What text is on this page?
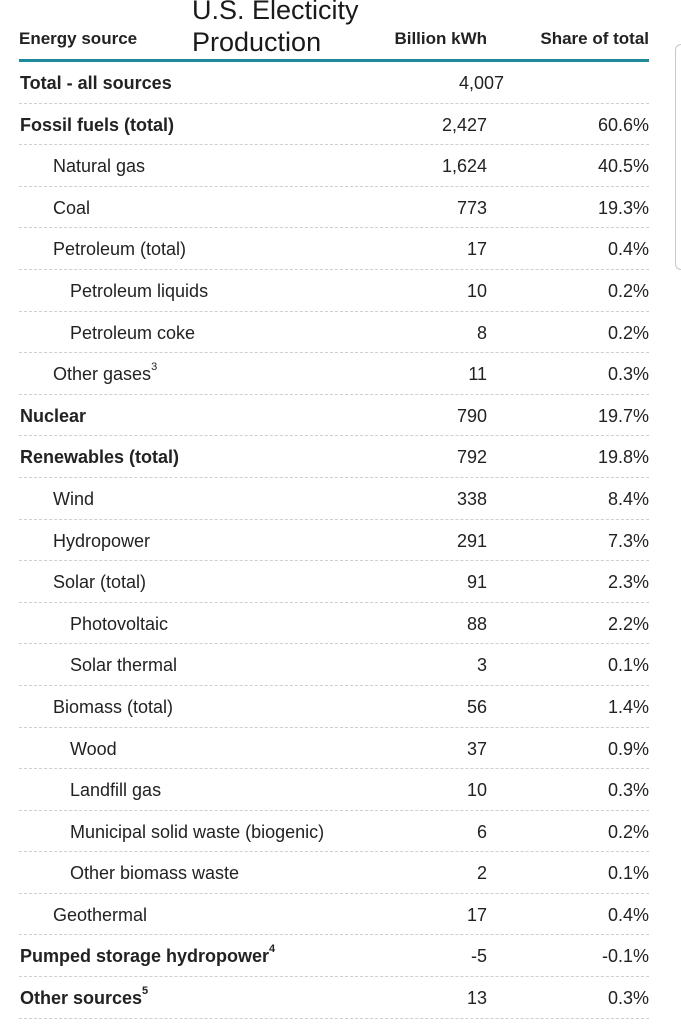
U.S. Electicity
Production
Energy source	Billion kWh	Share of total
Total - all sources	4,007
Fossil fuels (total)	2,427	60.6%
Natural gas	1,624	40.5%
Coal	773	19.3%
Petroleum (total)	17	0.4%
Petroleum liquids	10	0.2%
Petroleum coke	8	0.2%
Other gases$^3$	11	0.3%
Nuclear	790	19.7%
Renewables (total)	792	19.8%
Wind	338	8.4%
Hydropower	291	7.3%
Solar (total)	91	2.3%
Photovoltaic	88	2.2%
Solar thermal	3	0.1%
Biomass (total)	56	1.4%
Wood	37	0.9%
Landfill gas	10	0.3%
Municipal solid waste (biogenic)	6	0.2%
Other biomass waste	2	0.1%
Geothermal	17	0.4%
Pumped storage hydropower$^4$	-5	-0.1%
Other sources$^5$	13	0.3%
